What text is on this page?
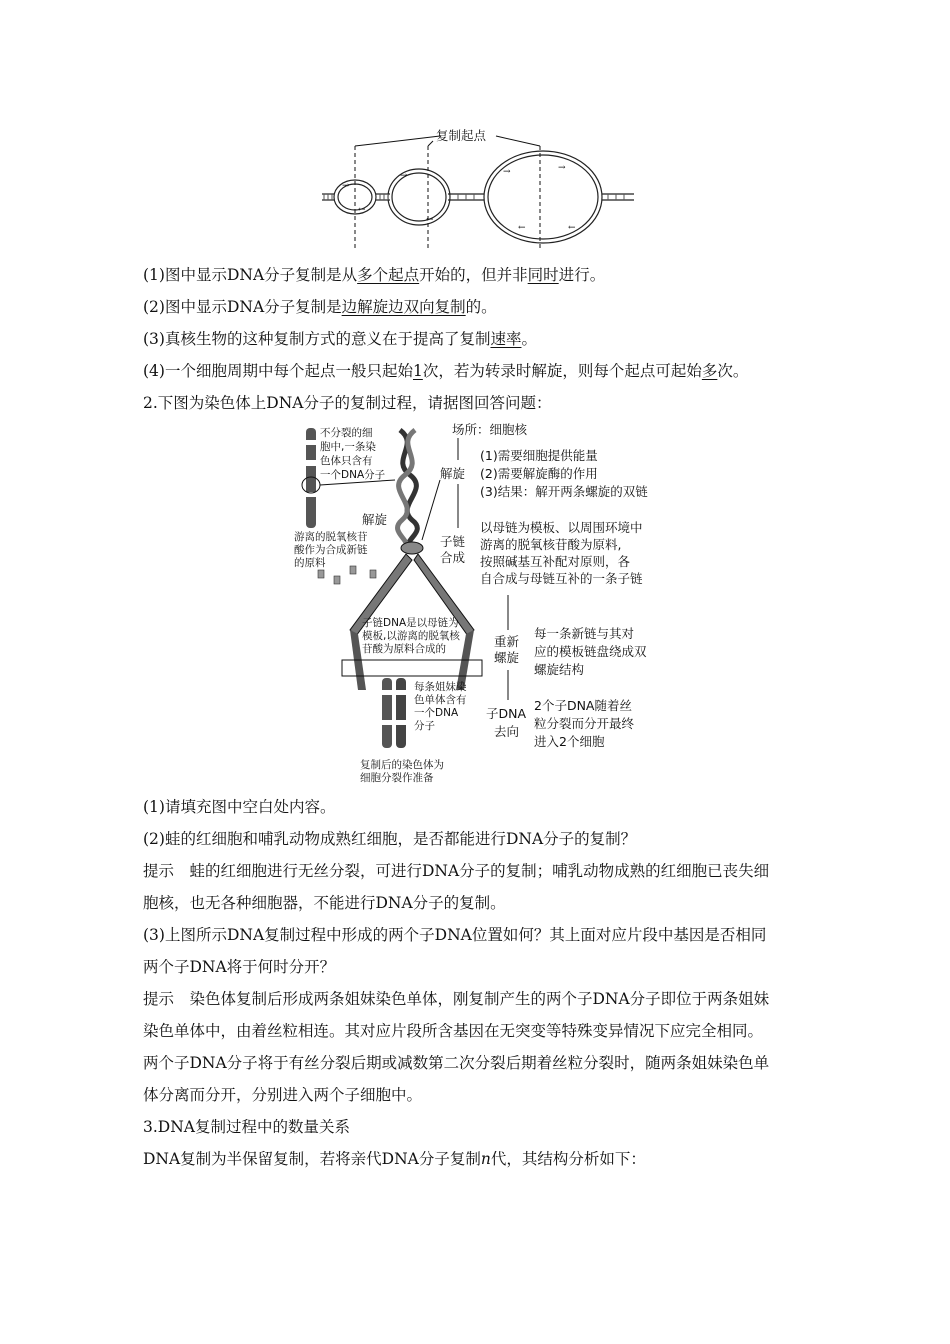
复制起点
→
←
→
←
→	→
←	←
(1)图中显示DNA分子复制是从多个起点开始的，但并非同时进行。
(2)图中显示DNA分子复制是边解旋边双向复制的。
(3)真核生物的这种复制方式的意义在于提高了复制速率。
(4)一个细胞周期中每个起点一般只起始1次，若为转录时解旋，则每个起点可起始多次。
2.下图为染色体上DNA分子的复制过程，请据图回答问题：
不分裂的细
胞中,一条染
色体只含有
一个DNA分子
解旋
游离的脱氧核苷
酸作为合成新链
的原料
子链DNA是以母链为
模板,以游离的脱氧核
苷酸为原料合成的
每条姐妹染
色单体含有
一个DNA
分子
复制后的染色体为
细胞分裂作准备
场所：细胞核
解旋
(1)需要细胞提供能量
(2)需要解旋酶的作用
(3)结果：解开两条螺旋的双链
子链
合成
以母链为模板、以周围环境中
游离的脱氧核苷酸为原料,
按照碱基互补配对原则，各
自合成与母链互补的一条子链
重新
螺旋
每一条新链与其对
应的模板链盘绕成双
螺旋结构
子DNA
去向
2个子DNA随着丝
粒分裂而分开最终
进入2个细胞
(1)请填充图中空白处内容。
(2)蛙的红细胞和哺乳动物成熟红细胞，是否都能进行DNA分子的复制？
提示　蛙的红细胞进行无丝分裂，可进行DNA分子的复制；哺乳动物成熟的红细胞已丧失细
胞核，也无各种细胞器，不能进行DNA分子的复制。
(3)上图所示DNA复制过程中形成的两个子DNA位置如何？其上面对应片段中基因是否相同
两个子DNA将于何时分开？
提示　染色体复制后形成两条姐妹染色单体，刚复制产生的两个子DNA分子即位于两条姐妹
染色单体中，由着丝粒相连。其对应片段所含基因在无突变等特殊变异情况下应完全相同。
两个子DNA分子将于有丝分裂后期或减数第二次分裂后期着丝粒分裂时，随两条姐妹染色单
体分离而分开，分别进入两个子细胞中。
3.DNA复制过程中的数量关系
DNA复制为半保留复制，若将亲代DNA分子复制n代，其结构分析如下：
